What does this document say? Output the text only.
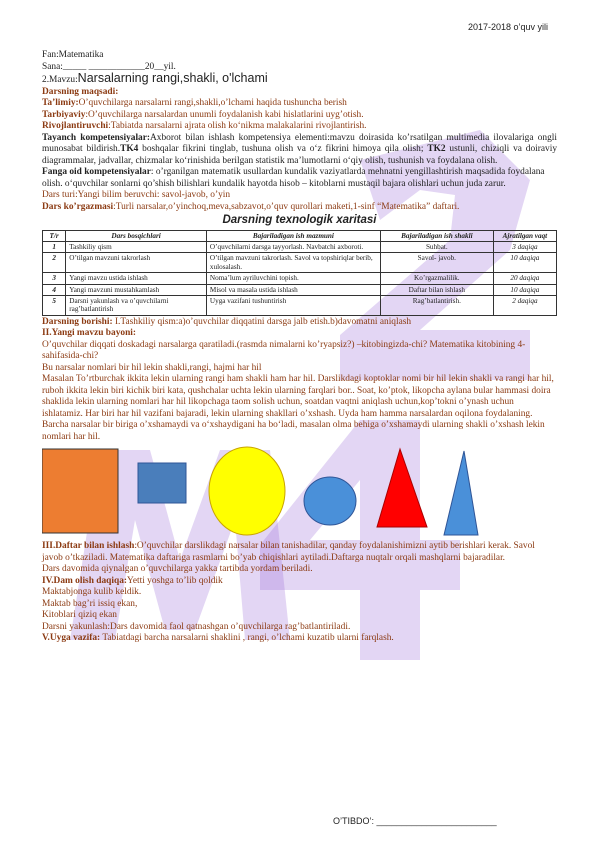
2017-2018 o’quv yili

Fan:Matematika

Sana:_____ ____________20__yil.

2.Mavzu:Narsalarning rangi,shakli, o'lchami

Darsning maqsadi:

Ta’limiy:O’quvchilarga narsalarni rangi,shakli,o’lchami haqida tushuncha berish

Tarbiyaviy:O’quvchilarga narsalardan unumli foydalanish kabi hislatlarini uyg’otish.

Rivojlantiruvchi:Tabiatda narsalarni ajrata olish ko‘nikma malakalarini rivojlantirish.

Tayanch kompetensiyalar:Axborot bilan ishlash kompetensiya elementi:mavzu doirasida ko’rsatilgan multimedia ilovalariga ongli munosabat bildirish.TK4 boshqalar fikrini tinglab, tushuna olish va o‘z fikrini himoya qila olish; TK2 ustunli, chiziqli va doiraviy diagrammalar, jadvallar, chizmalar ko‘rinishida berilgan statistik ma’lumotlarni o‘qiy olish, tushunish va foydalana olish.

Fanga oid kompetensiyalar: o’rganilgan matematik usullardan kundalik vaziyatlarda mehnatni yengillashtirish maqsadida foydalana olish. o‘quvchilar sonlarni qo’shish bilishlari kundalik hayotda hisob – kitoblarni mustaqil bajara olishlari uchun juda zarur.

Dars turi:Yangi bilim beruvchi: savol-javob, o’yin

Dars ko’rgazmasi:Turli narsalar,o’yinchoq,meva,sabzavot,o’quv qurollari maketi,1-sinf “Matematika” daftari.

Darsning texnologik xaritasi
T/r	Dars bosqichlari	Bajariladigan ish mazmuni	Bajariladigan ish shakli	Ajratilgan vaqt
1	Tashkiliy qism	O’quvchilarni darsga tayyorlash. Navbatchi axboroti.	Suhbat.	3 daqiqa
2	O’tilgan mavzuni takrorlash	O’tilgan mavzuni takrorlash. Savol va topshiriqlar berib, xulosalash.	Savol- javob.	10 daqiqa
3	Yangi mavzu ustida ishlash	Noma’lum ayriluvchini topish.	Ko’rgazmalilik.	20 daqiqa
4	Yangi mavzuni mustahkamlash	Misol va masala ustida ishlash	Daftar bilan ishlash	10 daqiqa
5	Darsni yakunlash va o’quvchilarni rag’batlantirish	Uyga vazifani tushuntirish	Rag’batlantirish.	2 daqiqa

Darsning borishi: I.Tashkiliy qism:a)o’quvchilar diqqatini darsga jalb etish.b)davomatni aniqlash

II.Yangi mavzu bayoni:

O’quvchilar diqqati doskadagi narsalarga qaratiladi.(rasmda nimalarni ko’ryapsiz?) –kitobingizda-chi? Matematika kitobining 4-sahifasida-chi?

Bu narsalar nomlari bir hil lekin shakli,rangi, hajmi har hil

Masalan To’rtburchak ikkita lekin ularning rangi ham shakli ham har hil. Darslikdagi koptoklar nomi bir hil lekin shakli va rangi har hil, ruboh ikkita lekin biri kichik biri kata, qushchalar uchta lekin ularning farqlari bor.. Soat, ko’ptok, likopcha aylana bular hammasi doira shaklida lekin ularning nomlari har hil likopchaga taom solish uchun, soatdan vaqtni aniqlash uchun,kop’tokni o’ynash uchun ishlatamiz. Har biri har hil vazifani bajaradi, lekin ularning shakllari o’xshash. Uyda ham hamma narsalardan oqilona foydalaning. Barcha narsalar bir biriga o’xshamaydi va o‘xshaydigani ha bo‘ladi, masalan olma behiga o’xshamaydi ularning shakli o’xshash lekin nomlari har hil.

III.Daftar bilan ishlash:O’quvchilar darslikdagi narsalar bilan tanishadilar, qanday foydalanishimizni aytib berishlari kerak. Savol javob o’tkaziladi. Matematika daftariga rasmlarni bo’yab chiqishlari aytiladi.Daftarga nuqtalr orqali mashqlarni bajaradilar.

Dars davomida qiynalgan o’quvchilarga yakka tartibda yordam beriladi.

IV.Dam olish daqiqa:Yetti yoshga to’lib qoldik

Maktabjonga kulib keldik.

Maktab bag’ri issiq ekan,

Kitoblari qiziq ekan

Darsni yakunlash:Dars davomida faol qatnashgan o’quvchilarga rag’batlantiriladi.

V.Uyga vazifa: Tabiatdagi barcha narsalarni shaklini , rangi, o’lchami kuzatib ularni farqlash.

O’TIBDO’: ________________________
